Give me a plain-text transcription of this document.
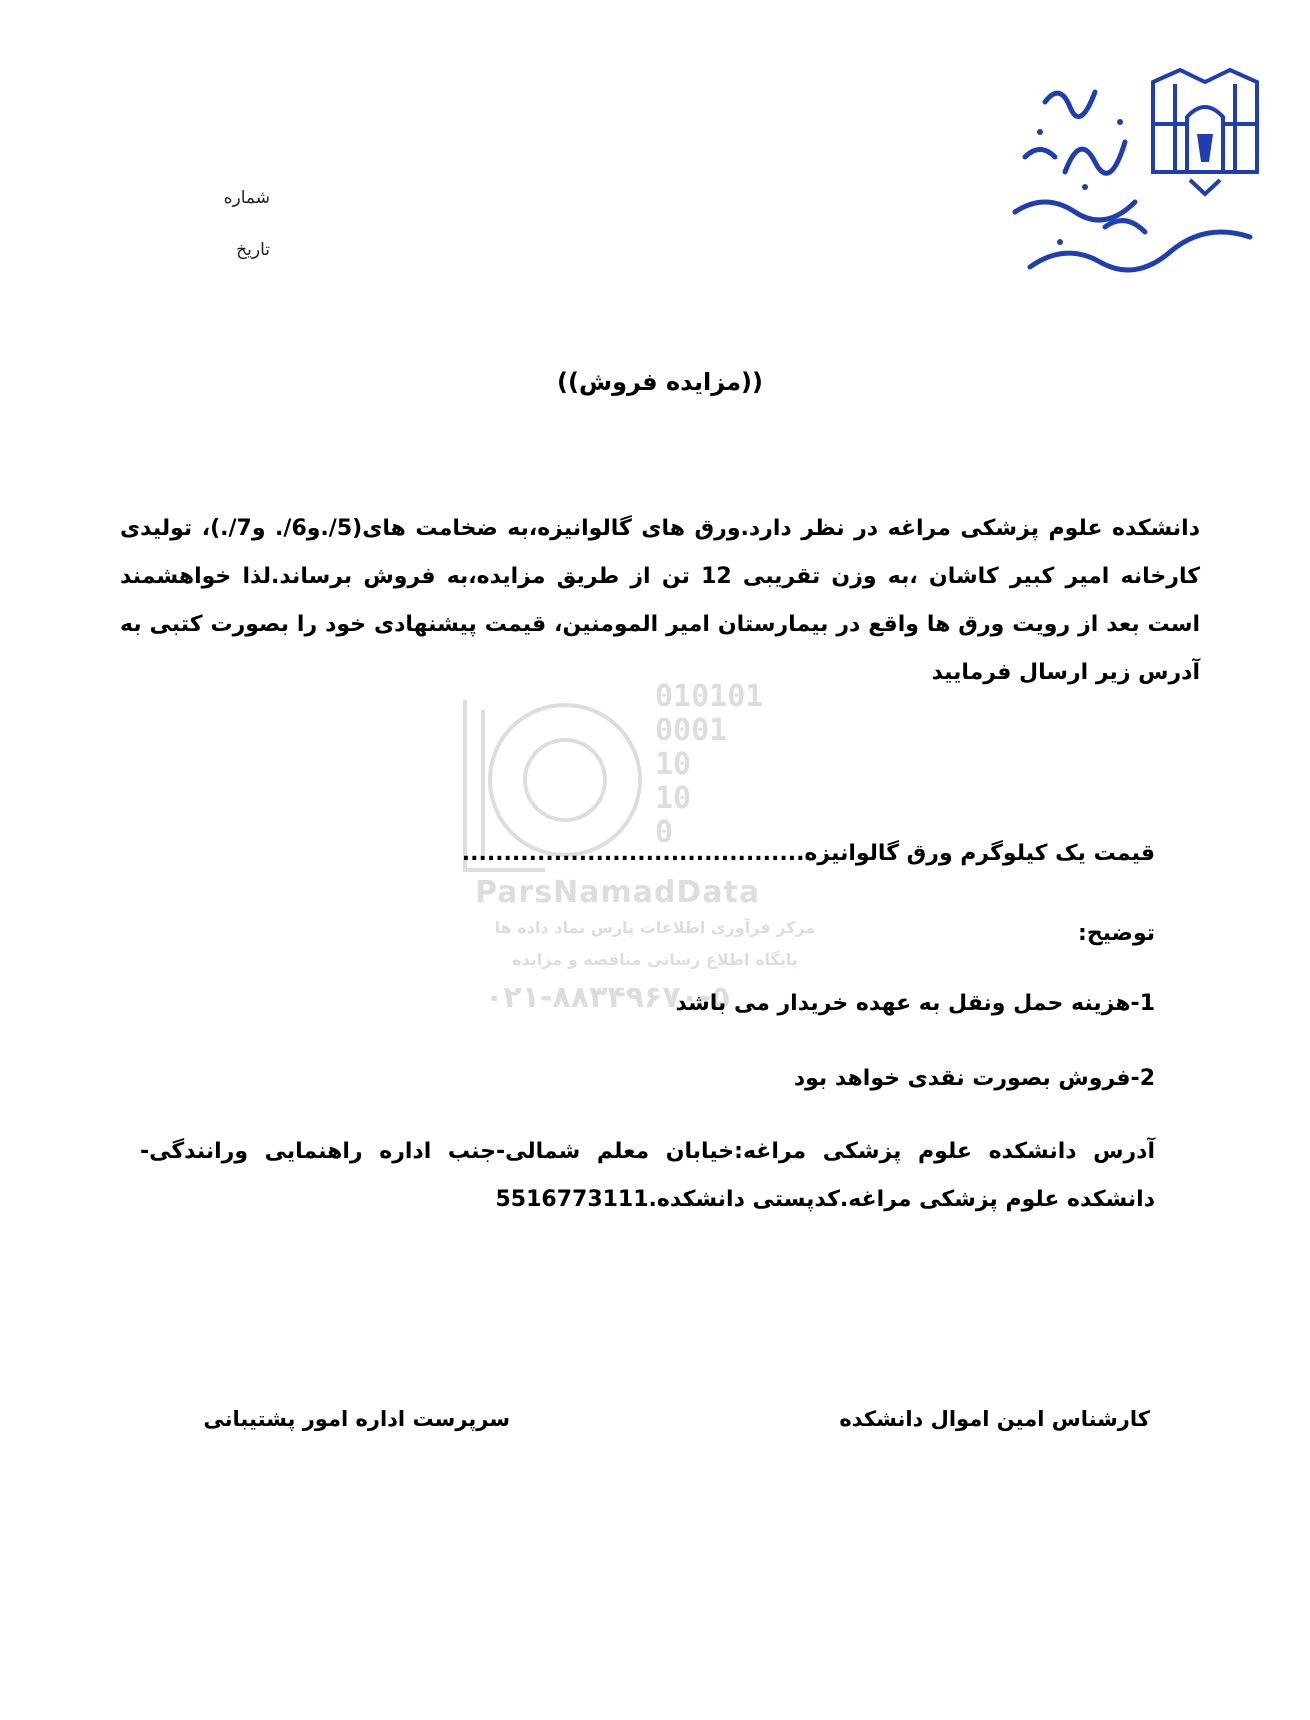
شماره
تاریخ
((مزایده فروش))
010101
0001
10
10
0
ParsNamadData
مرکز فرآوری اطلاعات پارس نماد داده ها
پایگاه اطلاع رسانی مناقصه و مزایده
۰۲۱-۸۸۳۴۹۶۷۰-۵
دانشکده علوم پزشکی مراغه در نظر دارد.ورق های گالوانیزه،به ضخامت های(5/.و6/. و7/.)، تولیدی کارخانه امیر کبیر کاشان ،به وزن تقریبی 12 تن از طریق مزایده،به فروش برساند.لذا خواهشمند است بعد از رویت ورق ها واقع در بیمارستان امیر المومنین، قیمت پیشنهادی خود را بصورت کتبی به آدرس زیر ارسال فرمایید
قیمت یک کیلوگرم ورق گالوانیزه.........................................
توضیح:
1-هزینه حمل ونقل به عهده خریدار می باشد
2-فروش بصورت نقدی خواهد بود
آدرس دانشکده علوم پزشکی مراغه:خیابان معلم شمالی-جنب اداره راهنمایی ورانندگی-دانشکده علوم پزشکی مراغه.کدپستی دانشکده.5516773111
کارشناس امین اموال دانشکده
سرپرست اداره امور پشتیبانی
